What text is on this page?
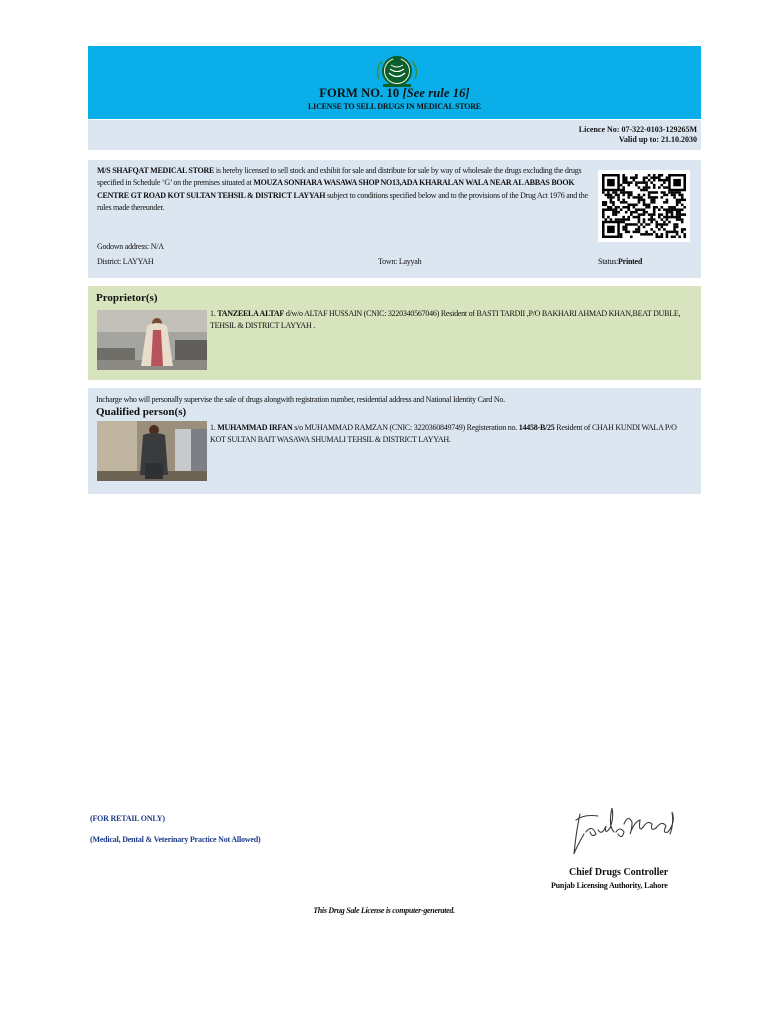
FORM NO. 10 [See rule 16]
LICENSE TO SELL DRUGS IN MEDICAL STORE
Licence No: 07-322-0103-129265M
Valid up to: 21.10.2030
M/S SHAFQAT MEDICAL STORE is hereby licensed to sell stock and exhibit for sale and distribute for sale by way of wholesale the drugs excluding the drugs specified in Schedule ‘G’ on the premises situated at MOUZA SONHARA WASAWA SHOP NO13,ADA KHARALAN WALA NEAR AL ABBAS BOOK CENTRE GT ROAD KOT SULTAN TEHSIL & DISTRICT LAYYAH subject to conditions specified below and to the provisions of the Drug Act 1976 and the rules made thereunder.
Godown address: N/A
District: LAYYAH	Town: Layyah	Status:Printed
Proprietor(s)
1. TANZEELA ALTAF d/w/o ALTAF HUSSAIN (CNIC: 3220340567046) Resident of BASTI TARDII ,P/O BAKHARI AHMAD KHAN,BEAT DUBLE, TEHSIL & DISTRICT LAYYAH .
Incharge who will personally supervise the sale of drugs alongwith registration number, residential address and National Identity Card No.
Qualified person(s)
1. MUHAMMAD IRFAN s/o MUHAMMAD RAMZAN (CNIC: 3220360849749) Registeration no. 14458-B/25 Resident of CHAH KUNDI WALA P/O KOT SULTAN BAIT WASAWA SHUMALI TEHSIL & DISTRICT LAYYAH.
(FOR RETAIL ONLY)
(Medical, Dental & Veterinary Practice Not Allowed)
Chief Drugs Controller
Punjab Licensing Authority, Lahore
This Drug Sale License is computer-generated.
